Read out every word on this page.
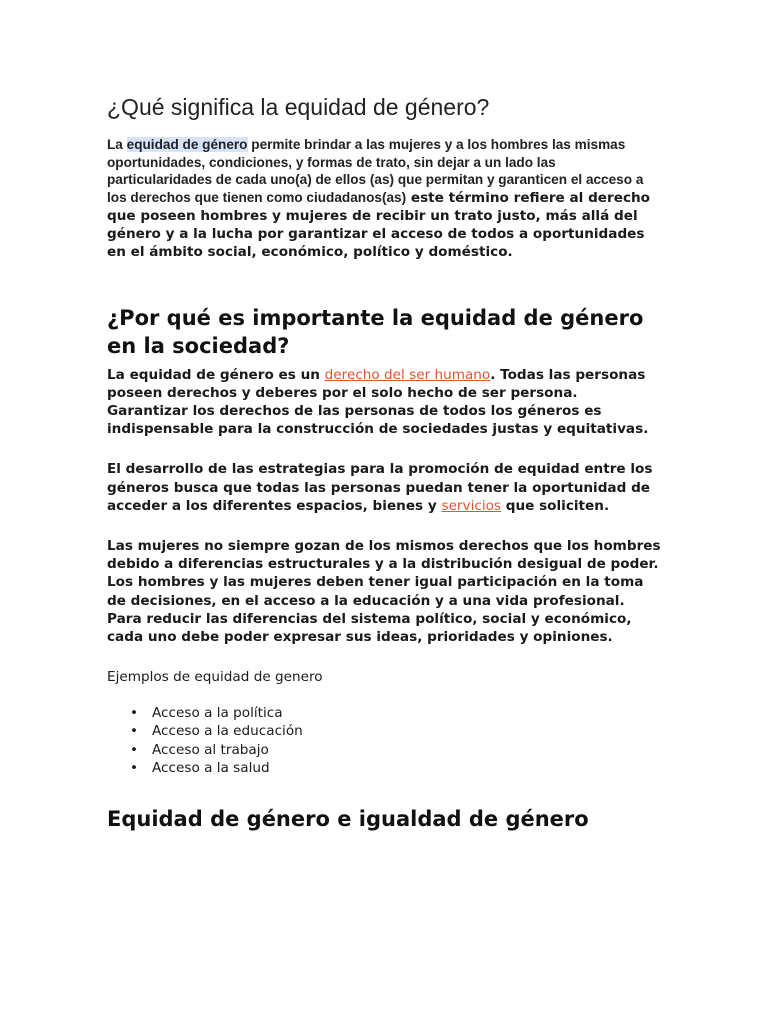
¿Qué significa la equidad de género?

La equidad de género permite brindar a las mujeres y a los hombres las mismas oportunidades, condiciones, y formas de trato, sin dejar a un lado las particularidades de cada uno(a) de ellos (as) que permitan y garanticen el acceso a los derechos que tienen como ciudadanos(as) este término refiere al derecho que poseen hombres y mujeres de recibir un trato justo, más allá del género y a la lucha por garantizar el acceso de todos a oportunidades en el ámbito social, económico, político y doméstico.

¿Por qué es importante la equidad de género en la sociedad?

La equidad de género es un derecho del ser humano. Todas las personas poseen derechos y deberes por el solo hecho de ser persona. Garantizar los derechos de las personas de todos los géneros es indispensable para la construcción de sociedades justas y equitativas.

El desarrollo de las estrategias para la promoción de equidad entre los géneros busca que todas las personas puedan tener la oportunidad de acceder a los diferentes espacios, bienes y servicios que soliciten.

Las mujeres no siempre gozan de los mismos derechos que los hombres debido a diferencias estructurales y a la distribución desigual de poder. Los hombres y las mujeres deben tener igual participación en la toma de decisiones, en el acceso a la educación y a una vida profesional. Para reducir las diferencias del sistema político, social y económico, cada uno debe poder expresar sus ideas, prioridades y opiniones.

Ejemplos de equidad de genero

• Acceso a la política
• Acceso a la educación
• Acceso al trabajo
• Acceso a la salud
Equidad de género e igualdad de género
